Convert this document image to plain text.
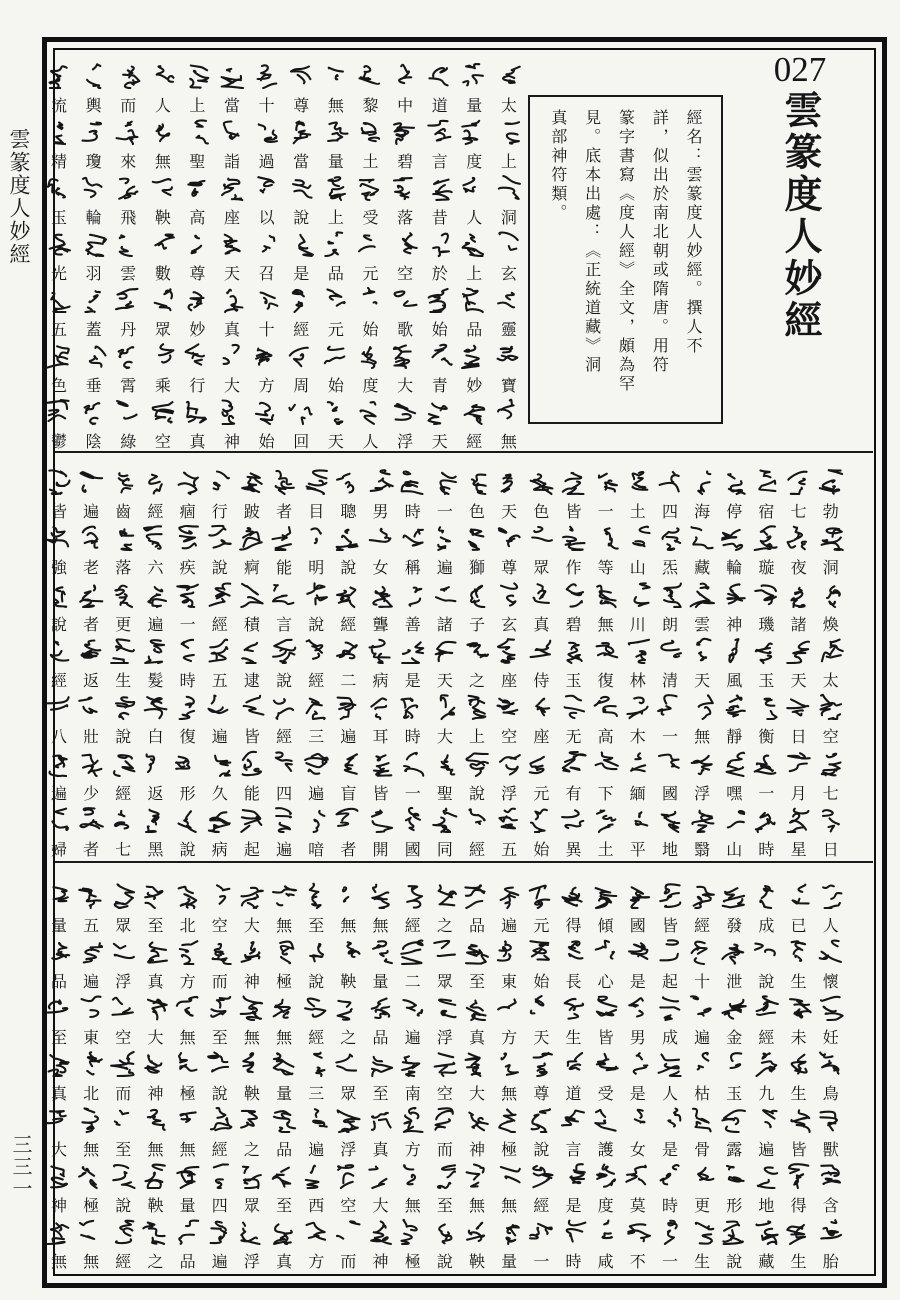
雲篆度人妙經
三三一
027
雲篆度人妙經
經名：雲篆度人妙經。撰人不
詳，似出於南北朝或隋唐。用符
篆字書寫《度人經》全文，頗為罕
見。底本出處：《正統道藏》洞
真部神符類。
太
上
洞
玄
靈
寶
無
量
度
人
上
品
妙
經
道
言
昔
於
始
青
天
中
碧
落
空
歌
大
浮
黎
土
受
元
始
度
人
無
量
上
品
元
始
天
尊
當
說
是
經
周
回
十
過
以
召
十
方
始
當
詣
座
天
真
大
神
上
聖
高
尊
妙
行
真
人
無
鞅
數
眾
乘
空
而
來
飛
雲
丹
霄
綠
輿
瓊
輪
羽
蓋
垂
陰
流
精
玉
光
五
色
鬱
勃
洞
煥
太
空
七
日
七
夜
諸
天
日
月
星
宿
璇
璣
玉
衡
一
時
停
輪
神
風
靜
嘿
山
海
藏
雲
天
無
浮
翳
四
炁
朗
清
一
國
地
土
山
川
林
木
緬
平
一
等
無
復
高
下
土
皆
作
碧
玉
无
有
異
色
眾
真
侍
座
元
始
天
尊
玄
座
空
浮
五
色
獅
子
之
上
說
經
一
遍
諸
天
大
聖
同
時
稱
善
是
時
一
國
男
女
聾
病
耳
皆
開
聰
說
經
二
遍
盲
者
目
明
說
經
三
遍
喑
者
能
言
說
經
四
遍
跛
痾
積
逮
皆
能
起
行
說
經
五
遍
久
病
痼
疾
一
時
復
形
說
經
六
遍
髮
白
返
黑
齒
落
更
生
說
經
七
遍
老
者
返
壯
少
者
皆
強
說
經
八
遍
婦
人
懷
妊
鳥
獸
含
胎
已
生
未
生
皆
得
生
成
說
經
九
遍
地
藏
發
泄
金
玉
露
形
說
經
十
遍
枯
骨
更
生
皆
起
成
人
是
時
一
國
是
男
是
女
莫
不
傾
心
皆
受
護
度
咸
得
長
生
道
言
是
時
元
始
天
尊
說
經
一
遍
東
方
無
極
無
量
品
至
真
大
神
無
鞅
之
眾
浮
空
而
至
說
經
二
遍
南
方
無
極
無
量
品
至
真
大
神
無
鞅
之
眾
浮
空
而
至
說
經
三
遍
西
方
無
極
無
量
品
至
真
大
神
無
鞅
之
眾
浮
空
而
至
說
經
四
遍
北
方
無
極
無
量
品
至
真
大
神
無
鞅
之
眾
浮
空
而
至
說
經
五
遍
東
北
無
極
無
量
品
至
真
大
神
無
